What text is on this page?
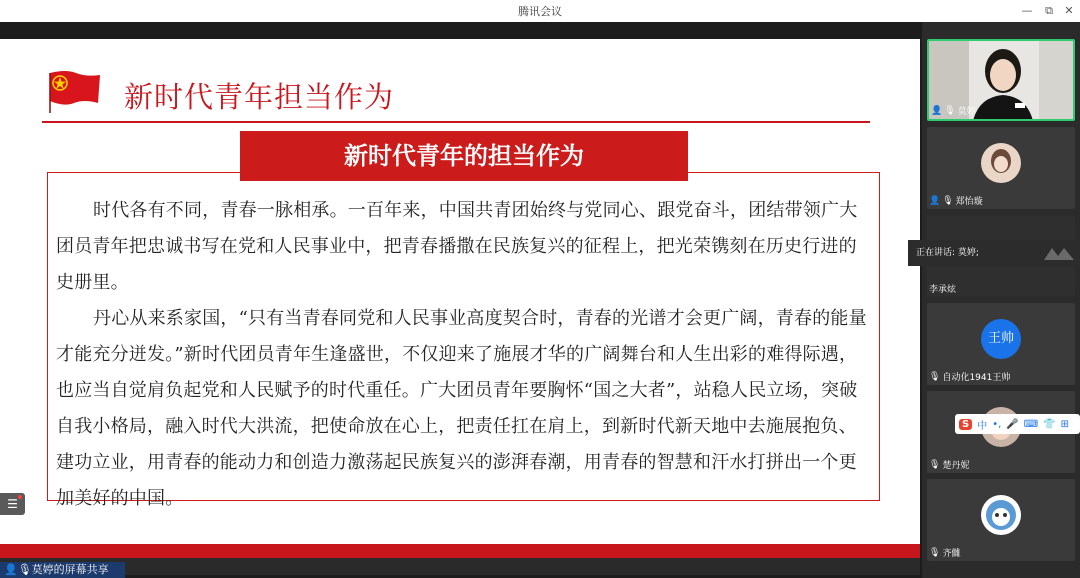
腾讯会议	—	⧉	✕
新时代青年担当作为
时代各有不同，青春一脉相承。一百年来，中国共青团始终与党同心、跟党奋斗，团结带领广大团员青年把忠诚书写在党和人民事业中，把青春播撒在民族复兴的征程上，把光荣镌刻在历史行进的史册里。
丹心从来系家国，“只有当青春同党和人民事业高度契合时，青春的光谱才会更广阔，青春的能量才能充分迸发。”新时代团员青年生逢盛世，不仅迎来了施展才华的广阔舞台和人生出彩的难得际遇，也应当自觉肩负起党和人民赋予的时代重任。广大团员青年要胸怀“国之大者”，站稳人民立场，突破自我小格局，融入时代大洪流，把使命放在心上，把责任扛在肩上，到新时代新天地中去施展抱负、建功立业，用青春的能动力和创造力激荡起民族复兴的澎湃春潮，用青春的智慧和汗水打拼出一个更加美好的中国。
新时代青年的担当作为
☰
👤🎙莫婷的屏幕共享
👤 🎙 莫婷
👤 🎙 郑怡璇
李承炫
王帅
🎙 自动化1941王帅
🎙 楚丹妮
🎙 齐雠
正在讲话: 莫婷;
S 中 •, 🎤 ⌨ 👕 ⊞
